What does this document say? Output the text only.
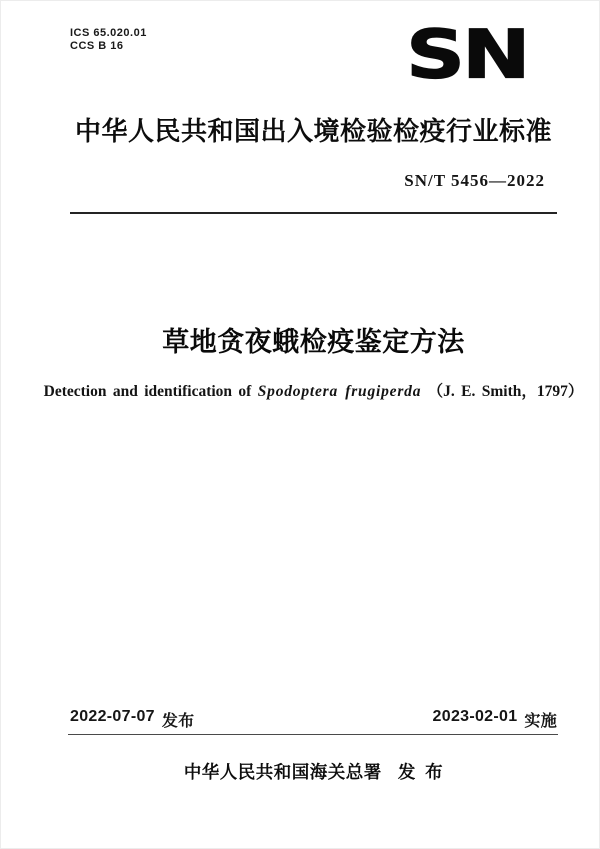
ICS 65.020.01
CCS B 16	SN
中华人民共和国出入境检验检疫行业标准
SN/T 5456—2022
草地贪夜蛾检疫鉴定方法
Detection and identification of Spodoptera frugiperda （J. E. Smith，1797）
2022-07-07 发布	2023-02-01 实施
中华人民共和国海关总署 发 布
